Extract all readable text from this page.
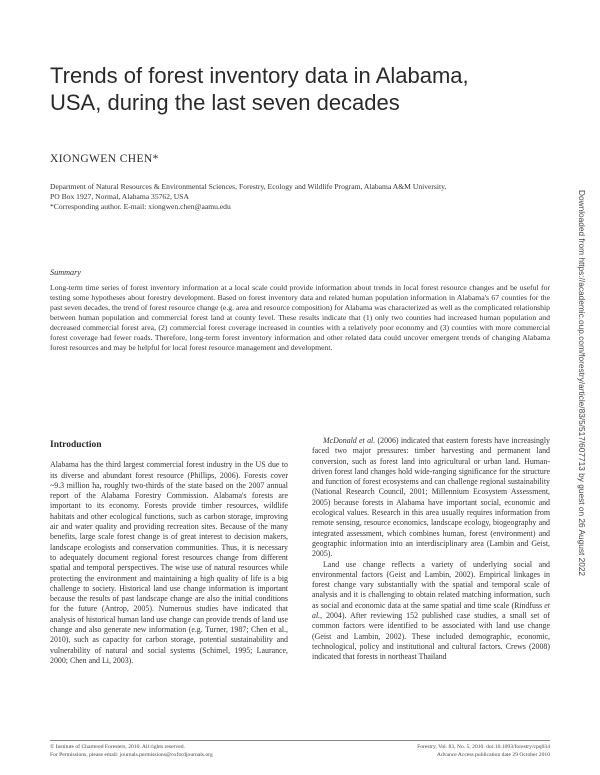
Trends of forest inventory data in Alabama, USA, during the last seven decades
XIONGWEN CHEN*
Department of Natural Resources & Environmental Sciences, Forestry, Ecology and Wildlife Program, Alabama A&M University,
PO Box 1927, Normal, Alabama 35762, USA
*Corresponding author. E-mail: xiongwen.chen@aamu.edu	Downloaded from https://academic.oup.com/forestry/article/83/5/517/607713 by guest on 26 August 2022
Summary
Long-term time series of forest inventory information at a local scale could provide information about trends in local forest resource changes and be useful for testing some hypotheses about forestry development. Based on forest inventory data and related human population information in Alabama's 67 counties for the past seven decades, the trend of forest resource change (e.g. area and resource composition) for Alabama was characterized as well as the complicated relationship between human population and commercial forest land at county level. These results indicate that (1) only two counties had increased human population and decreased commercial forest area, (2) commercial forest coverage increased in counties with a relatively poor economy and (3) counties with more commercial forest coverage had fewer roads. Therefore, long-term forest inventory information and other related data could uncover emergent trends of changing Alabama forest resources and may be helpful for local forest resource management and development.
Introduction

Alabama has the third largest commercial forest industry in the US due to its diverse and abundant forest resource (Phillips, 2006). Forests cover ~9.3 million ha, roughly two-thirds of the state based on the 2007 annual report of the Alabama Forestry Commission. Alabama's forests are important to its economy. Forests provide timber resources, wildlife habitats and other ecological functions, such as carbon storage, improving air and water quality and providing recreation sites. Because of the many benefits, large scale forest change is of great interest to decision makers, landscape ecologists and conservation communities. Thus, it is necessary to adequately document regional forest resources change from different spatial and temporal perspectives. The wise use of natural resources while protecting the environment and maintaining a high quality of life is a big challenge to society. Historical land use change information is important because the results of past landscape change are also the initial conditions for the future (Antrop, 2005). Numerous studies have indicated that analysis of historical human land use change can provide trends of land use change and also generate new information (e.g. Turner, 1987; Chen et al., 2010), such as capacity for carbon storage, potential sustainability and vulnerability of natural and social systems (Schimel, 1995; Laurance, 2000; Chen and Li, 2003).

McDonald et al. (2006) indicated that eastern forests have increasingly faced two major pressures: timber harvesting and permanent land conversion, such as forest land into agricultural or urban land. Human-driven forest land changes hold wide-ranging significance for the structure and function of forest ecosystems and can challenge regional sustainability (National Research Council, 2001; Millennium Ecosystem Assessment, 2005) because forests in Alabama have important social, economic and ecological values. Research in this area usually requires information from remote sensing, resource economics, landscape ecology, biogeography and integrated assessment, which combines human, forest (environment) and geographic information into an interdisciplinary area (Lambin and Geist, 2005).

Land use change reflects a variety of underlying social and environmental factors (Geist and Lambin, 2002). Empirical linkages in forest change vary substantially with the spatial and temporal scale of analysis and it is challenging to obtain related matching information, such as social and economic data at the same spatial and time scale (Rindfuss et al., 2004). After reviewing 152 published case studies, a small set of common factors were identified to be associated with land use change (Geist and Lambin, 2002). These included demographic, economic, technological, policy and institutional and cultural factors. Crews (2008) indicated that forests in northeast Thailand

© Institute of Chartered Foresters, 2010. All rights reserved.
For Permissions, please email: journals.permissions@oxfordjournals.org
Forestry, Vol. 83, No. 5, 2010. doi:10.1093/forestry/cpq034
Advance Access publication date 29 October 2010
